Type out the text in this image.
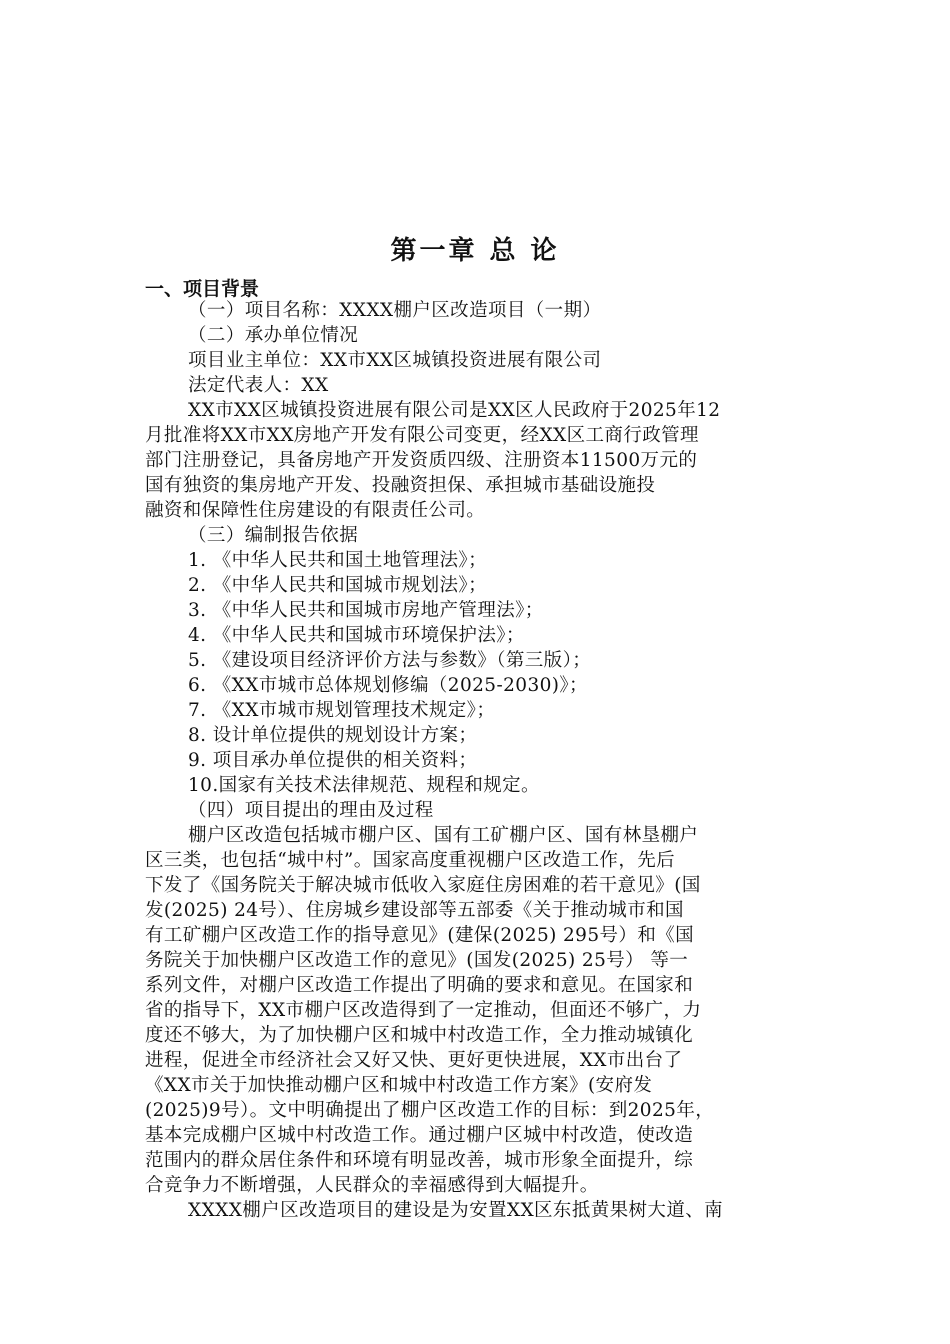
第一章 总 论
一、项目背景
（一）项目名称：XXXX棚户区改造项目（一期）
（二）承办单位情况
项目业主单位：XX市XX区城镇投资进展有限公司
法定代表人：XX
XX市XX区城镇投资进展有限公司是XX区人民政府于2025年12
月批准将XX市XX房地产开发有限公司变更，经XX区工商行政管理
部门注册登记，具备房地产开发资质四级、注册资本11500万元的
国有独资的集房地产开发、投融资担保、承担城市基础设施投
融资和保障性住房建设的有限责任公司。
（三）编制报告依据
1. 《中华人民共和国土地管理法》；
2. 《中华人民共和国城市规划法》；
3. 《中华人民共和国城市房地产管理法》；
4. 《中华人民共和国城市环境保护法》；
5. 《建设项目经济评价方法与参数》（第三版）；
6. 《XX市城市总体规划修编（2025-2030)》；
7. 《XX市城市规划管理技术规定》；
8. 设计单位提供的规划设计方案；
9. 项目承办单位提供的相关资料；
10.国家有关技术法律规范、规程和规定。
（四）项目提出的理由及过程
棚户区改造包括城市棚户区、国有工矿棚户区、国有林垦棚户
区三类，也包括“城中村”。国家高度重视棚户区改造工作，先后
下发了《国务院关于解决城市低收入家庭住房困难的若干意见》(国
发(2025) 24号）、住房城乡建设部等五部委《关于推动城市和国
有工矿棚户区改造工作的指导意见》(建保(2025) 295号）和《国
务院关于加快棚户区改造工作的意见》(国发(2025) 25号） 等一
系列文件，对棚户区改造工作提出了明确的要求和意见。在国家和
省的指导下，XX市棚户区改造得到了一定推动，但面还不够广，力
度还不够大，为了加快棚户区和城中村改造工作，全力推动城镇化
进程，促进全市经济社会又好又快、更好更快进展，XX市出台了
《XX市关于加快推动棚户区和城中村改造工作方案》(安府发
(2025)9号）。文中明确提出了棚户区改造工作的目标：到2025年，
基本完成棚户区城中村改造工作。通过棚户区城中村改造，使改造
范围内的群众居住条件和环境有明显改善，城市形象全面提升，综
合竞争力不断增强，人民群众的幸福感得到大幅提升。
XXXX棚户区改造项目的建设是为安置XX区东抵黄果树大道、南
